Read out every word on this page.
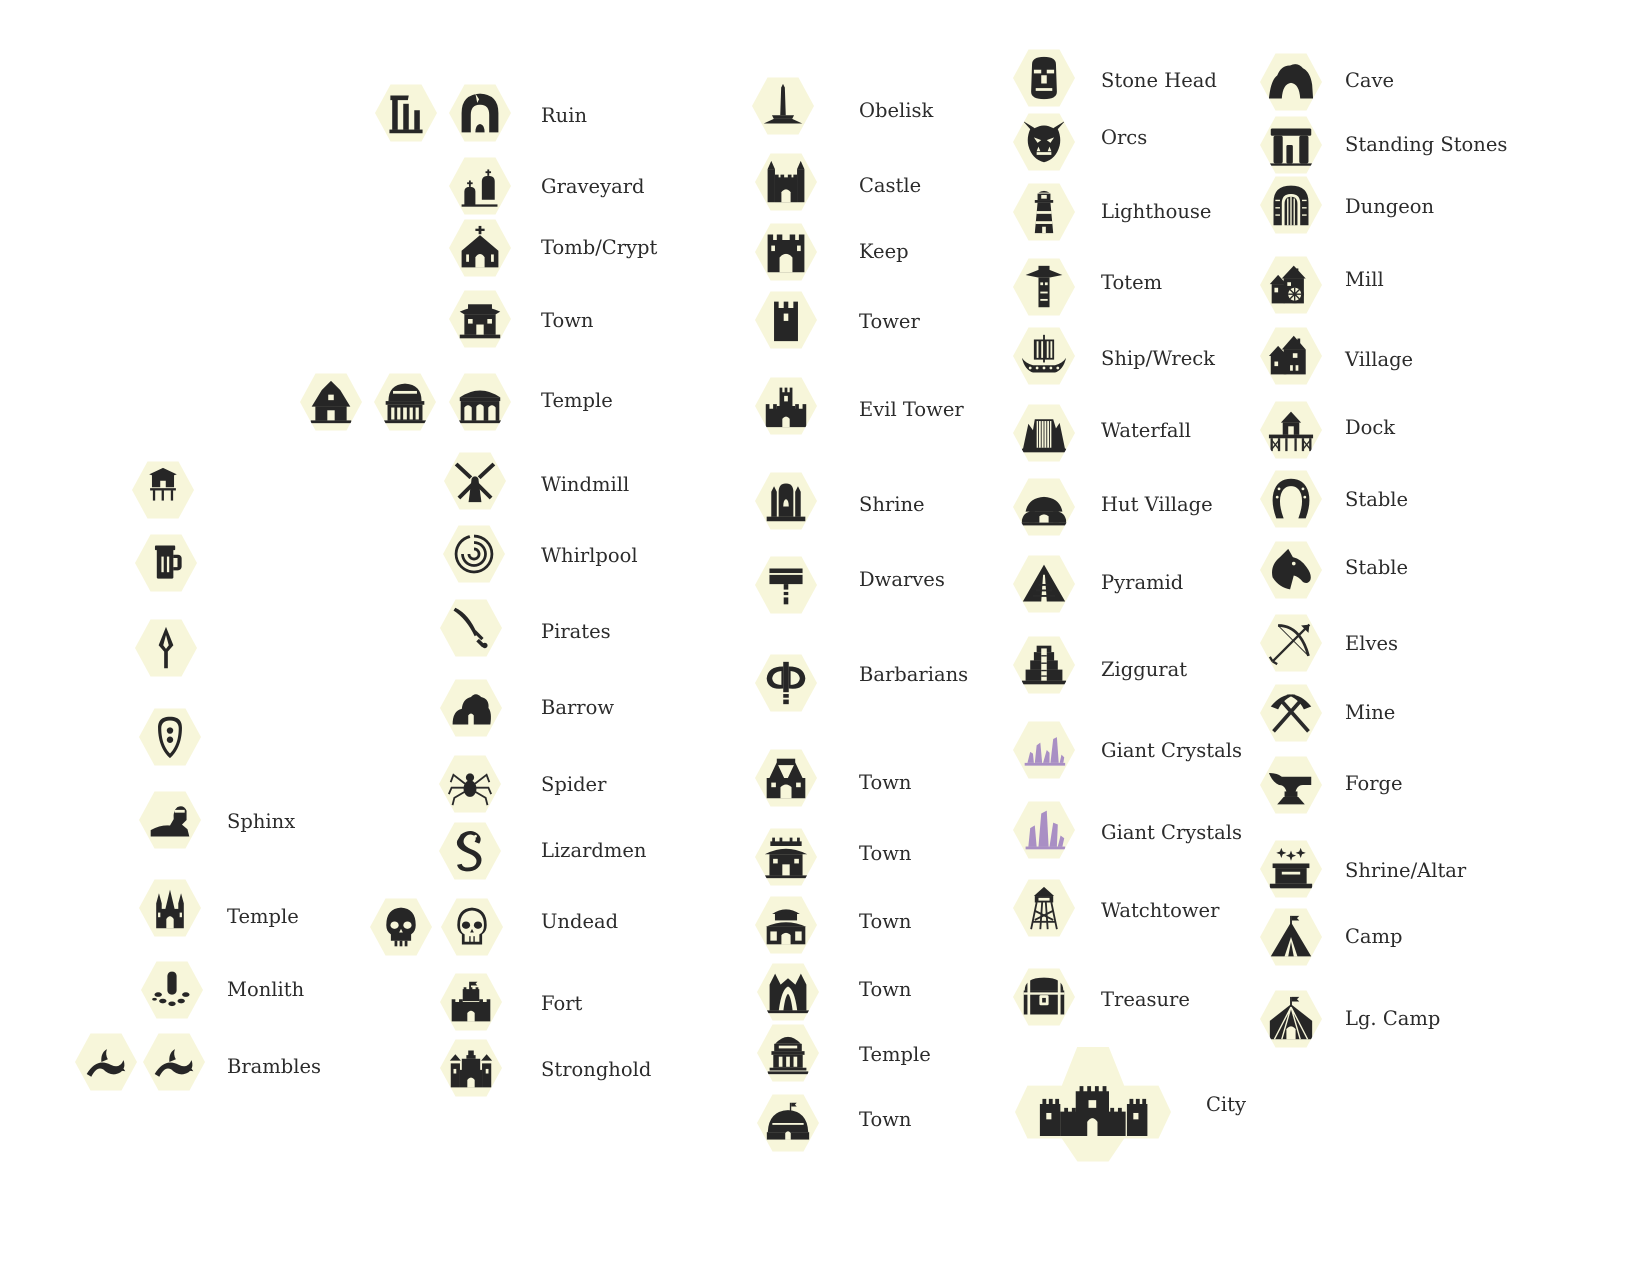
Sphinx
Temple
Monlith
Brambles
Ruin
Graveyard
Tomb/Crypt
Town
Temple
Windmill
Whirlpool
Pirates
Barrow
Spider
Lizardmen
Undead
Fort
Stronghold
Obelisk
Castle
Keep
Tower
Evil Tower
Shrine
Dwarves
Barbarians
Town
Town
Town
Town
Temple
Town
Stone Head
Orcs
Lighthouse
Totem
Ship/Wreck
Waterfall
Hut Village
Pyramid
Ziggurat
Giant Crystals
Giant Crystals
Watchtower
Treasure
City
Cave
Standing Stones
Dungeon
Mill
Village
Dock
Stable
Stable
Elves
Mine
Forge
Shrine/Altar
Camp
Lg. Camp
